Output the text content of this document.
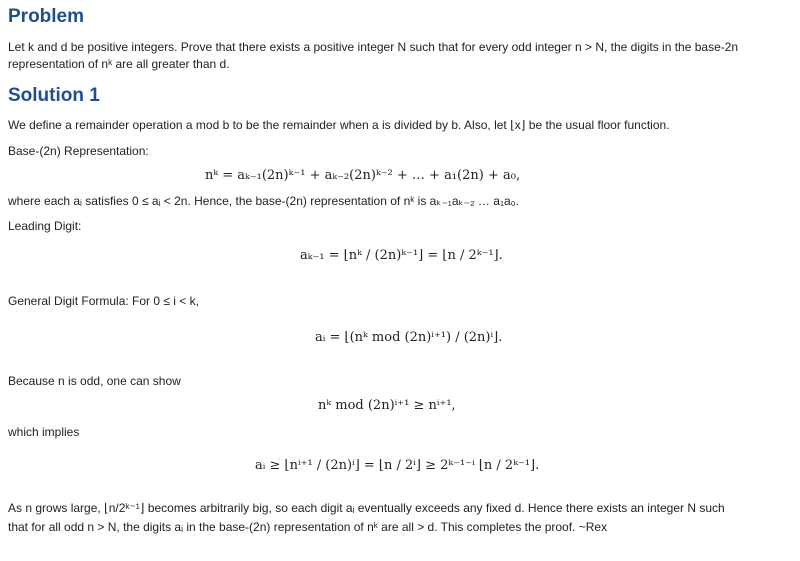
Problem
Let k and d be positive integers. Prove that there exists a positive integer N such that for every odd integer n > N, the digits in the base-2n
representation of nᵏ are all greater than d.
Solution 1
We define a remainder operation a mod b to be the remainder when a is divided by b. Also, let ⌊x⌋ be the usual floor function.
Base-(2n) Representation:
nᵏ = aₖ₋₁(2n)ᵏ⁻¹ + aₖ₋₂(2n)ᵏ⁻² + … + a₁(2n) + a₀,
where each aᵢ satisfies 0 ≤ aᵢ < 2n. Hence, the base-(2n) representation of nᵏ is aₖ₋₁aₖ₋₂ … a₁a₀.
Leading Digit:
aₖ₋₁ = ⌊nᵏ / (2n)ᵏ⁻¹⌋ = ⌊n / 2ᵏ⁻¹⌋.
General Digit Formula: For 0 ≤ i < k,
aᵢ = ⌊(nᵏ mod (2n)ⁱ⁺¹) / (2n)ⁱ⌋.
Because n is odd, one can show
nᵏ mod (2n)ⁱ⁺¹ ≥ nⁱ⁺¹,
which implies
aᵢ ≥ ⌊nⁱ⁺¹ / (2n)ⁱ⌋ = ⌊n / 2ⁱ⌋ ≥ 2ᵏ⁻¹⁻ⁱ ⌊n / 2ᵏ⁻¹⌋.
As n grows large, ⌊n/2ᵏ⁻¹⌋ becomes arbitrarily big, so each digit aᵢ eventually exceeds any fixed d. Hence there exists an integer N such
that for all odd n > N, the digits aᵢ in the base-(2n) representation of nᵏ are all > d. This completes the proof. ~Rex
